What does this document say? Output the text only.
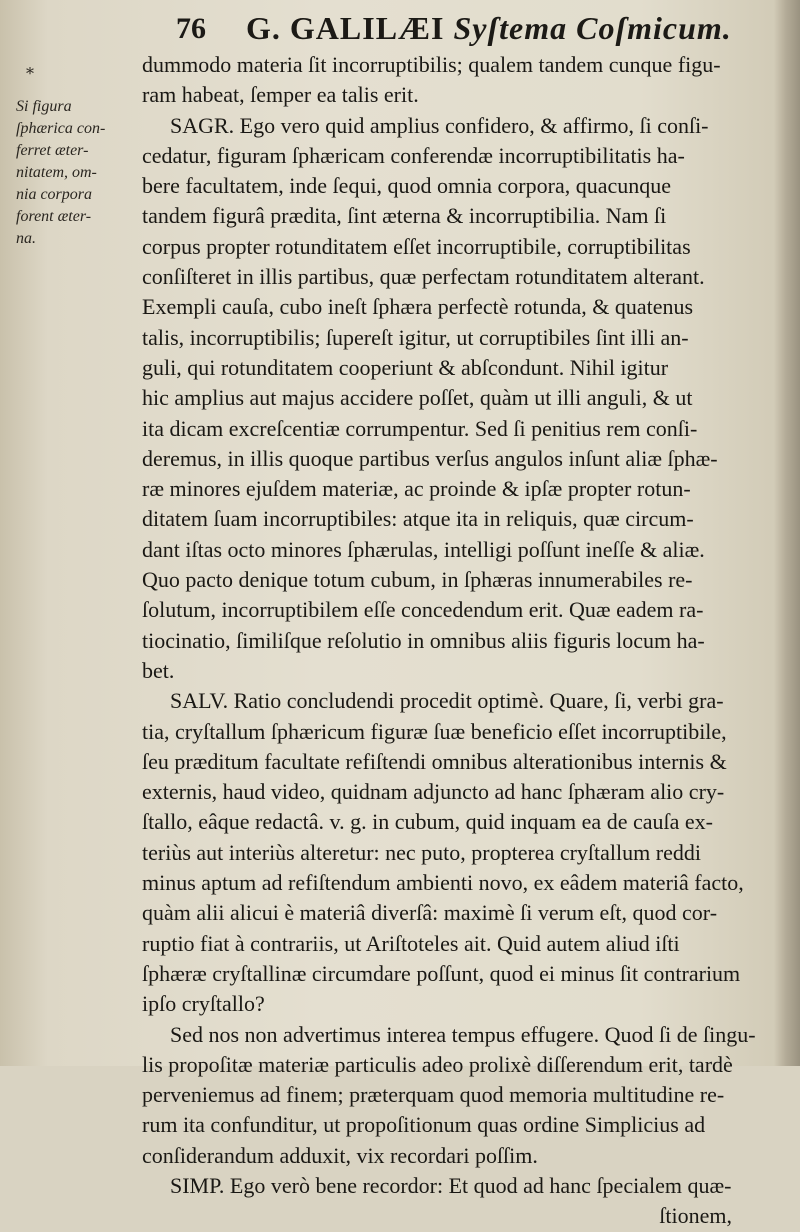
76 G. GALILÆI Syſtema Coſmicum.
*

Si figura

ſphærica con-

ferret æter-

nitatem, om-

nia corpora

forent æter-

na.

dummodo materia ſit incorruptibilis; qualem tandem cunque figu-

ram habeat, ſemper ea talis erit.

SAGR. Ego vero quid amplius confidero, & affirmo, ſi conſi-

cedatur, figuram ſphæricam conferendæ incorruptibilitatis ha-

bere facultatem, inde ſequi, quod omnia corpora, quacunque

tandem figurâ prædita, ſint æterna & incorruptibilia. Nam ſi

corpus propter rotunditatem eſſet incorruptibile, corruptibilitas

conſiſteret in illis partibus, quæ perfectam rotunditatem alterant.

Exempli cauſa, cubo ineſt ſphæra perfectè rotunda, & quatenus

talis, incorruptibilis; ſupereſt igitur, ut corruptibiles ſint illi an-

guli, qui rotunditatem cooperiunt & abſcondunt. Nihil igitur

hic amplius aut majus accidere poſſet, quàm ut illi anguli, & ut

ita dicam excreſcentiæ corrumpentur. Sed ſi penitius rem conſi-

deremus, in illis quoque partibus verſus angulos inſunt aliæ ſphæ-

ræ minores ejuſdem materiæ, ac proinde & ipſæ propter rotun-

ditatem ſuam incorruptibiles: atque ita in reliquis, quæ circum-

dant iſtas octo minores ſphærulas, intelligi poſſunt ineſſe & aliæ.

Quo pacto denique totum cubum, in ſphæras innumerabiles re-

ſolutum, incorruptibilem eſſe concedendum erit. Quæ eadem ra-

tiocinatio, ſimiliſque reſolutio in omnibus aliis figuris locum ha-

bet.

SALV. Ratio concludendi procedit optimè. Quare, ſi, verbi gra-

tia, cryſtallum ſphæricum figuræ ſuæ beneficio eſſet incorruptibile,

ſeu præditum facultate refiſtendi omnibus alterationibus internis &

externis, haud video, quidnam adjuncto ad hanc ſphæram alio cry-

ſtallo, eâque redactâ. v. g. in cubum, quid inquam ea de cauſa ex-

teriùs aut interiùs alteretur: nec puto, propterea cryſtallum reddi

minus aptum ad refiſtendum ambienti novo, ex eâdem materiâ facto,

quàm alii alicui è materiâ diverſâ: maximè ſi verum eſt, quod cor-

ruptio fiat à contrariis, ut Ariſtoteles ait. Quid autem aliud iſti

ſphæræ cryſtallinæ circumdare poſſunt, quod ei minus ſit contrarium

ipſo cryſtallo?

Sed nos non advertimus interea tempus effugere. Quod ſi de ſingu-

lis propoſitæ materiæ particulis adeo prolixè diſſerendum erit, tardè

perveniemus ad finem; præterquam quod memoria multitudine re-

rum ita confunditur, ut propoſitionum quas ordine Simplicius ad

conſiderandum adduxit, vix recordari poſſim.

SIMP. Ego verò bene recordor: Et quod ad hanc ſpecialem quæ-

ſtionem,
